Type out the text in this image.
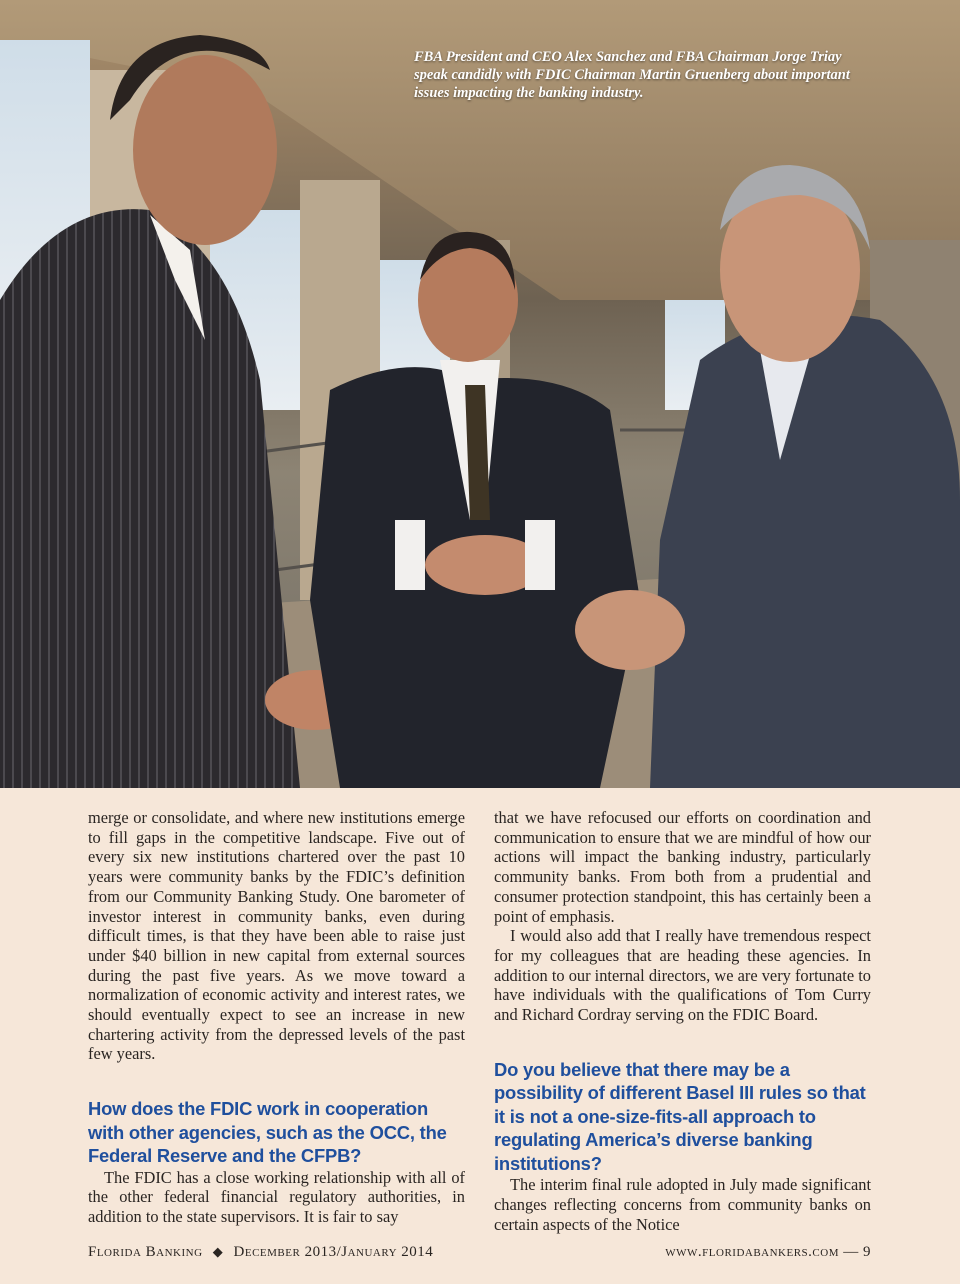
FBA President and CEO Alex Sanchez and FBA Chairman Jorge Triay speak candidly with FDIC Chairman Martin Gruenberg about important issues impacting the banking industry.

merge or consolidate, and where new institutions emerge to fill gaps in the competitive landscape. Five out of every six new institutions chartered over the past 10 years were community banks by the FDIC’s definition from our Community Banking Study. One barometer of investor interest in community banks, even during difficult times, is that they have been able to raise just under $40 billion in new capital from external sources during the past five years. As we move toward a normalization of economic activity and interest rates, we should eventually expect to see an increase in new chartering activity from the depressed levels of the past few years.

How does the FDIC work in cooperation with other agencies, such as the OCC, the Federal Reserve and the CFPB?

The FDIC has a close working relationship with all of the other federal financial regulatory authorities, in addition to the state supervisors. It is fair to say

that we have refocused our efforts on coordination and communication to ensure that we are mindful of how our actions will impact the banking industry, particularly community banks. From both from a prudential and consumer protection standpoint, this has certainly been a point of emphasis.

I would also add that I really have tremendous respect for my colleagues that are heading these agencies. In addition to our internal directors, we are very fortunate to have individuals with the qualifications of Tom Curry and Richard Cordray serving on the FDIC Board.

Do you believe that there may be a possibility of different Basel III rules so that it is not a one-size-fits-all approach to regulating America’s diverse banking institutions?

The interim final rule adopted in July made significant changes reflecting concerns from community banks on certain aspects of the Notice

Florida Banking ◆ December 2013/January 2014	www.floridabankers.com — 9
